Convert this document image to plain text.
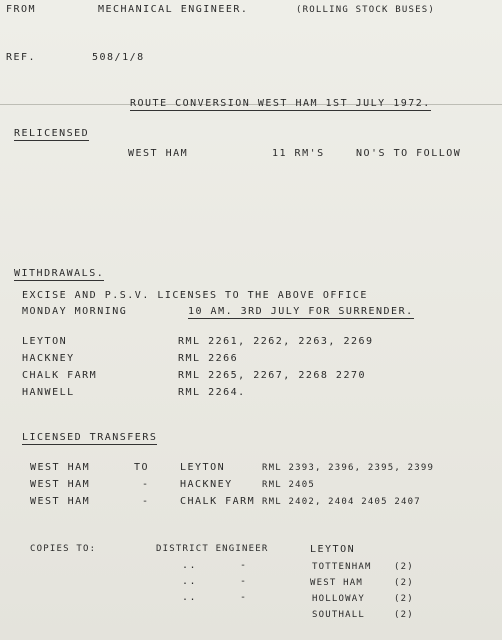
FROM	MECHANICAL ENGINEER.	(ROLLING STOCK BUSES)
REF.	508/1/8
ROUTE CONVERSION WEST HAM 1ST JULY 1972.
RELICENSED
WEST HAM	11 RM'S	NO'S TO FOLLOW
WITHDRAWALS.
EXCISE AND P.S.V. LICENSES TO THE ABOVE OFFICE
MONDAY MORNING	10 AM. 3RD JULY FOR SURRENDER.
LEYTON	RML 2261, 2262, 2263, 2269
HACKNEY	RML 2266
CHALK FARM	RML 2265, 2267, 2268 2270
HANWELL	RML 2264.
LICENSED TRANSFERS
WEST HAM	TO	LEYTON	RML 2393, 2396, 2395, 2399
WEST HAM	-	HACKNEY	RML 2405
WEST HAM	-	CHALK FARM RML 2402, 2404 2405 2407
COPIES TO:	DISTRICT ENGINEER	LEYTON
..	-	TOTTENHAM (2)
..	-	WEST HAM	(2)
..	-	HOLLOWAY	(2)
SOUTHALL	(2)
